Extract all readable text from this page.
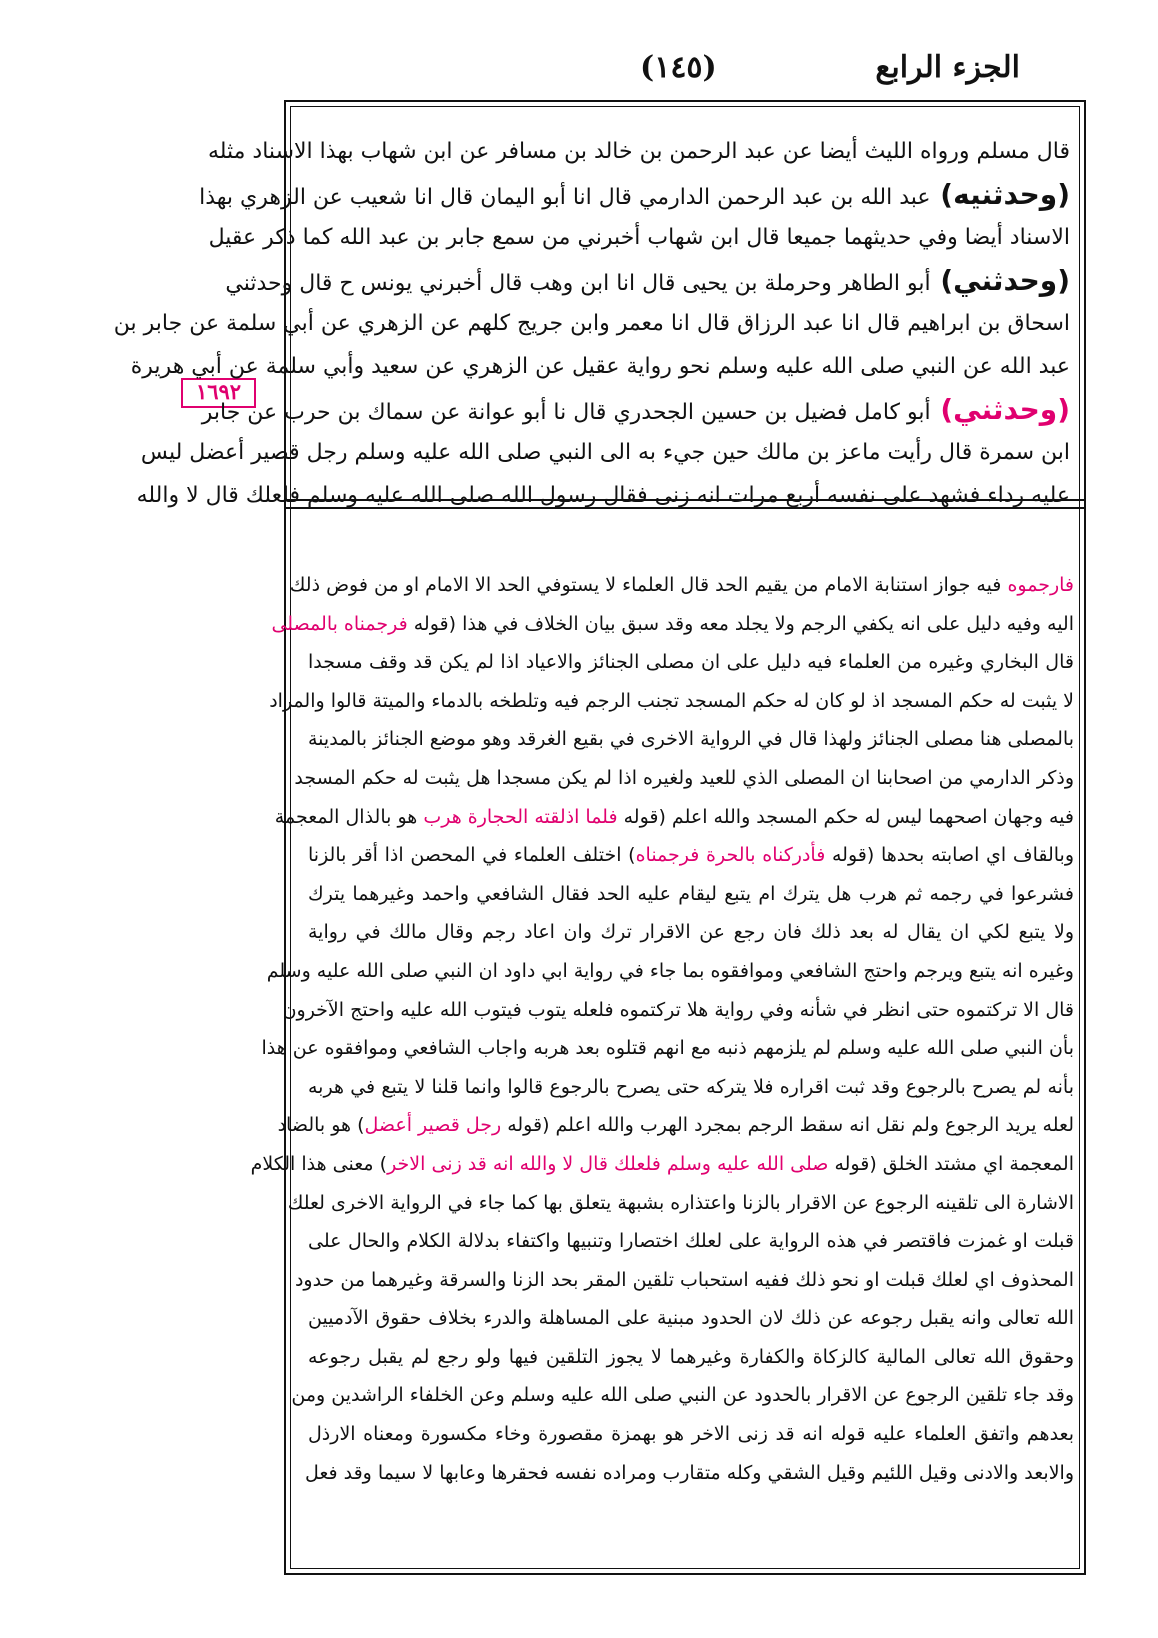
الجزء الرابع
(١٤٥)
١٦٩٢
قال مسلم ورواه الليث أيضا عن عبد الرحمن بن خالد بن مسافر عن ابن شهاب بهذا الاسناد مثله
(وحدثنيه) عبد الله بن عبد الرحمن الدارمي قال انا أبو اليمان قال انا شعيب عن الزهري بهذا
الاسناد أيضا وفي حديثهما جميعا قال ابن شهاب أخبرني من سمع جابر بن عبد الله كما ذكر عقيل
(وحدثني) أبو الطاهر وحرملة بن يحيى قال انا ابن وهب قال أخبرني يونس ح قال وحدثني
اسحاق بن ابراهيم قال انا عبد الرزاق قال انا معمر وابن جريج كلهم عن الزهري عن أبي سلمة عن جابر بن
عبد الله عن النبي صلى الله عليه وسلم نحو رواية عقيل عن الزهري عن سعيد وأبي سلمة عن أبي هريرة
(وحدثني) أبو كامل فضيل بن حسين الجحدري قال نا أبو عوانة عن سماك بن حرب عن جابر
ابن سمرة قال رأيت ماعز بن مالك حين جيء به الى النبي صلى الله عليه وسلم رجل قصير أعضل ليس
عليه رداء فشهد على نفسه أربع مرات انه زنى فقال رسول الله صلى الله عليه وسلم فلعلك قال لا والله
فارجموه فيه جواز استنابة الامام من يقيم الحد قال العلماء لا يستوفي الحد الا الامام او من فوض ذلك
اليه وفيه دليل على انه يكفي الرجم ولا يجلد معه وقد سبق بيان الخلاف في هذا (قوله فرجمناه بالمصلى
قال البخاري وغيره من العلماء فيه دليل على ان مصلى الجنائز والاعياد اذا لم يكن قد وقف مسجدا
لا يثبت له حكم المسجد اذ لو كان له حكم المسجد تجنب الرجم فيه وتلطخه بالدماء والميتة قالوا والمراد
بالمصلى هنا مصلى الجنائز ولهذا قال في الرواية الاخرى في بقيع الغرقد وهو موضع الجنائز بالمدينة
وذكر الدارمي من اصحابنا ان المصلى الذي للعيد ولغيره اذا لم يكن مسجدا هل يثبت له حكم المسجد
فيه وجهان اصحهما ليس له حكم المسجد والله اعلم (قوله فلما اذلقته الحجارة هرب هو بالذال المعجمة
وبالقاف اي اصابته بحدها (قوله فأدركناه بالحرة فرجمناه) اختلف العلماء في المحصن اذا أقر بالزنا
فشرعوا في رجمه ثم هرب هل يترك ام يتبع ليقام عليه الحد فقال الشافعي واحمد وغيرهما يترك
ولا يتبع لكي ان يقال له بعد ذلك فان رجع عن الاقرار ترك وان اعاد رجم وقال مالك في رواية
وغيره انه يتبع ويرجم واحتج الشافعي وموافقوه بما جاء في رواية ابي داود ان النبي صلى الله عليه وسلم
قال الا تركتموه حتى انظر في شأنه وفي رواية هلا تركتموه فلعله يتوب فيتوب الله عليه واحتج الآخرون
بأن النبي صلى الله عليه وسلم لم يلزمهم ذنبه مع انهم قتلوه بعد هربه واجاب الشافعي وموافقوه عن هذا
بأنه لم يصرح بالرجوع وقد ثبت اقراره فلا يتركه حتى يصرح بالرجوع قالوا وانما قلنا لا يتبع في هربه
لعله يريد الرجوع ولم نقل انه سقط الرجم بمجرد الهرب والله اعلم (قوله رجل قصير أعضل) هو بالضاد
المعجمة اي مشتد الخلق (قوله صلى الله عليه وسلم فلعلك قال لا والله انه قد زنى الاخر) معنى هذا الكلام
الاشارة الى تلقينه الرجوع عن الاقرار بالزنا واعتذاره بشبهة يتعلق بها كما جاء في الرواية الاخرى لعلك
قبلت او غمزت فاقتصر في هذه الرواية على لعلك اختصارا وتنبيها واكتفاء بدلالة الكلام والحال على
المحذوف اي لعلك قبلت او نحو ذلك ففيه استحباب تلقين المقر بحد الزنا والسرقة وغيرهما من حدود
الله تعالى وانه يقبل رجوعه عن ذلك لان الحدود مبنية على المساهلة والدرء بخلاف حقوق الآدميين
وحقوق الله تعالى المالية كالزكاة والكفارة وغيرهما لا يجوز التلقين فيها ولو رجع لم يقبل رجوعه
وقد جاء تلقين الرجوع عن الاقرار بالحدود عن النبي صلى الله عليه وسلم وعن الخلفاء الراشدين ومن
بعدهم واتفق العلماء عليه قوله انه قد زنى الاخر هو بهمزة مقصورة وخاء مكسورة ومعناه الارذل
والابعد والادنى وقيل اللئيم وقيل الشقي وكله متقارب ومراده نفسه فحقرها وعابها لا سيما وقد فعل
